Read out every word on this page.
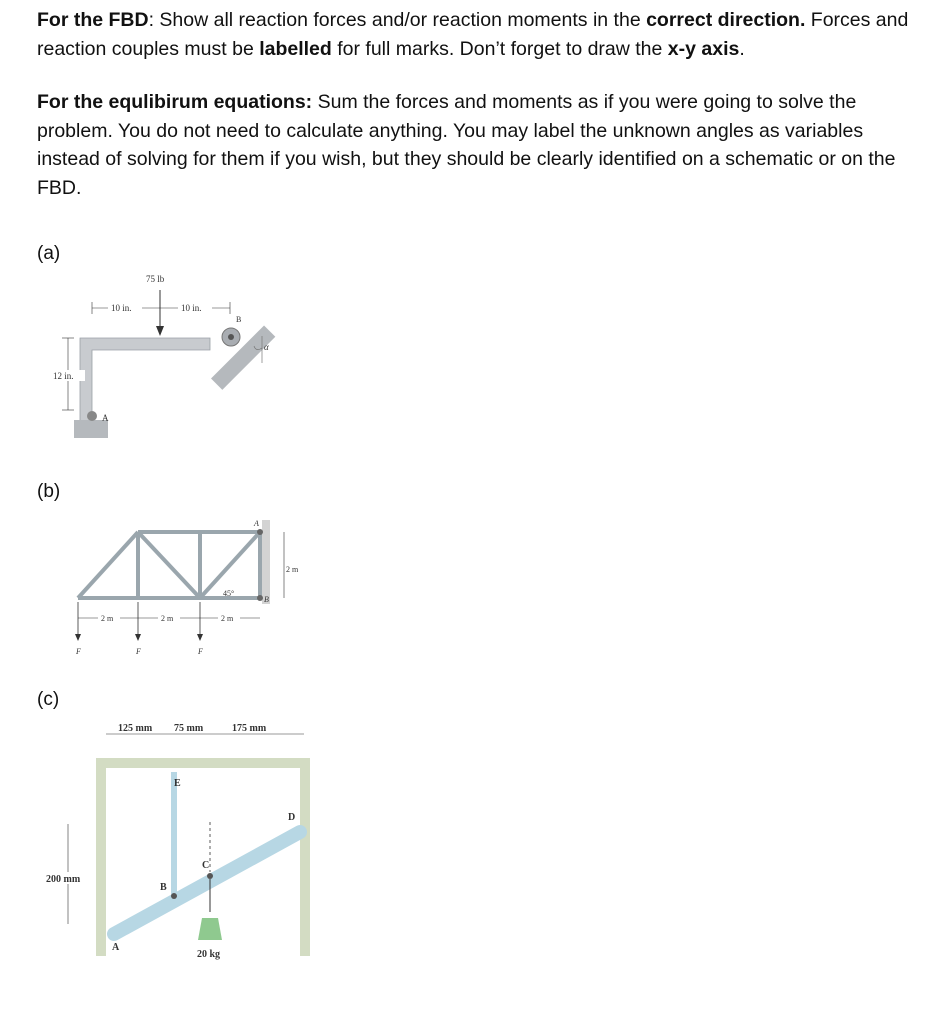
For the FBD: Show all reaction forces and/or reaction moments in the correct direction. Forces and reaction couples must be labelled for full marks. Don’t forget to draw the x-y axis.
For the equlibirum equations: Sum the forces and moments as if you were going to solve the problem. You do not need to calculate anything. You may label the unknown angles as variables instead of solving for them if you wish, but they should be clearly identified on a schematic or on the FBD.
(a)
A
B
α
75 lb
10 in.	10 in.
12 in.
(b)
A
B
45°
2 m
2 m	2 m	2 m
F	F	F
(c)
E
B
C
D
A
20 kg
125 mm 75 mm	175 mm
200 mm
